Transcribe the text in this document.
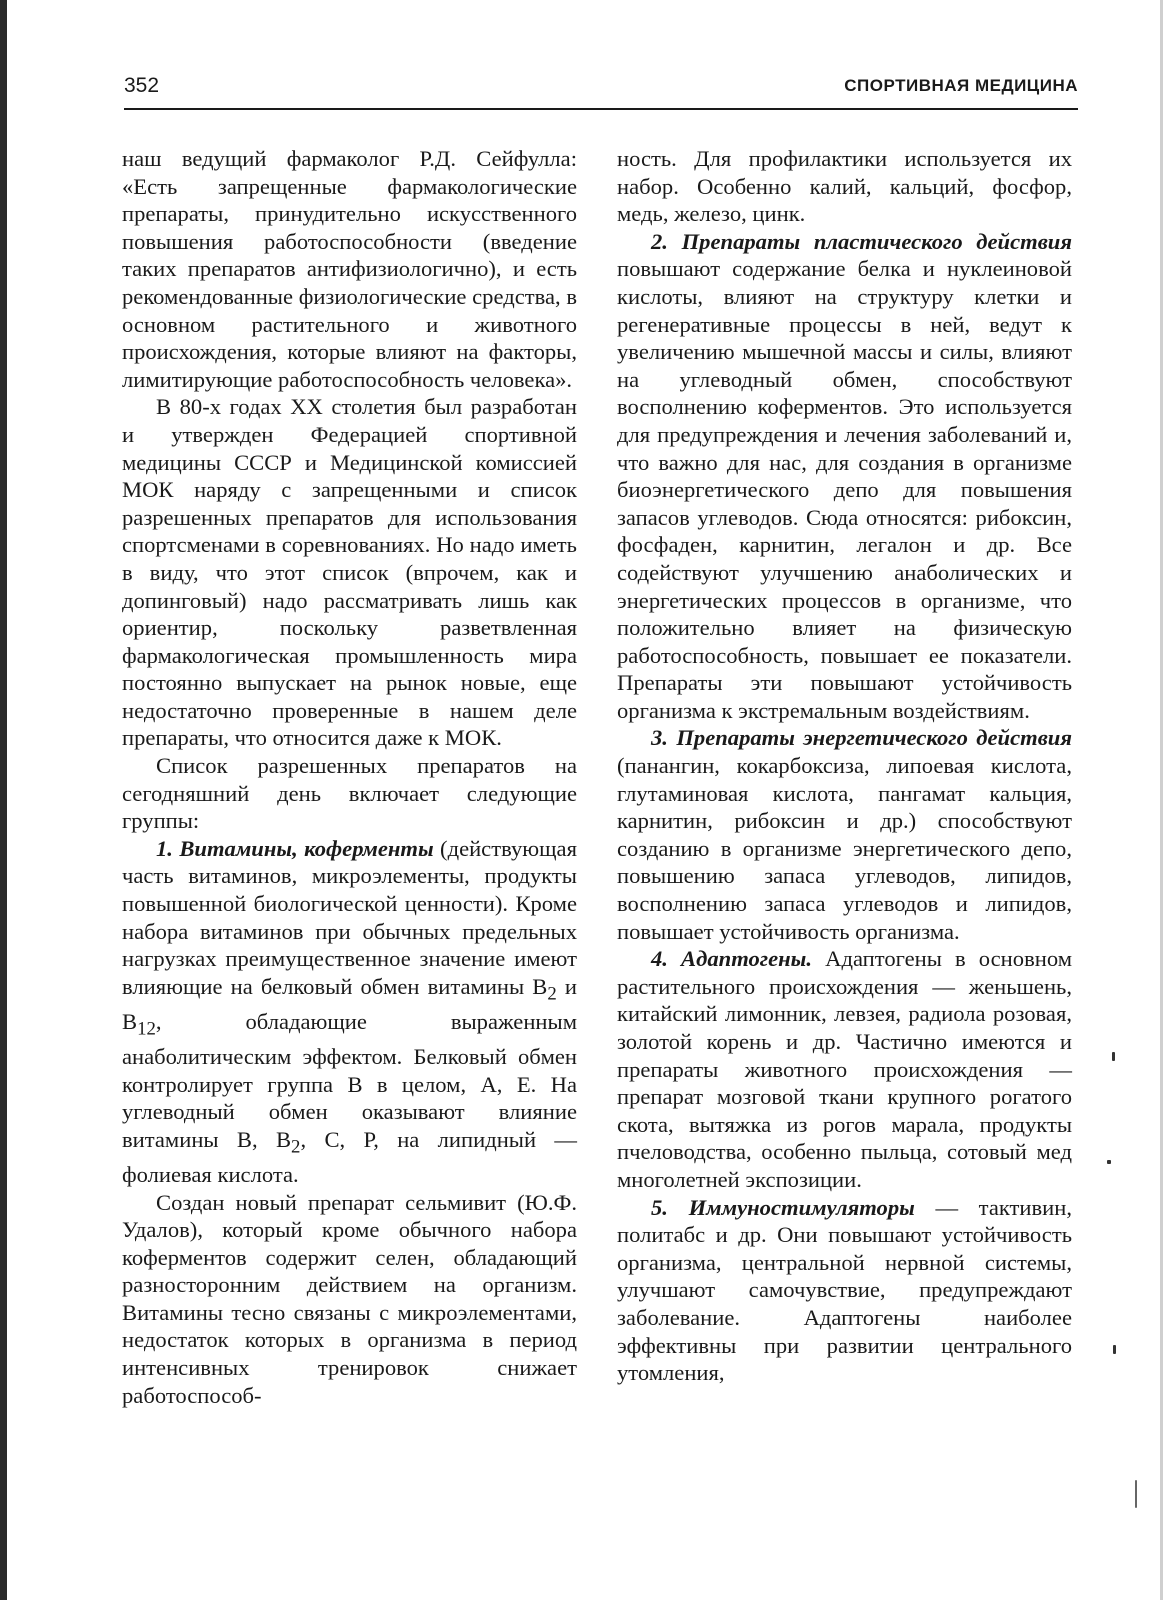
352	СПОРТИВНАЯ МЕДИЦИНА

наш ведущий фармаколог Р.Д. Сейфулла: «Есть запрещенные фармакологические препараты, принудительно искусственного повышения работоспособности (введение таких препаратов антифизиологично), и есть рекомендованные физиологические средства, в основном растительного и животного происхождения, которые влияют на факторы, лимитирующие работоспособность человека».

В 80-х годах XX столетия был разработан и утвержден Федерацией спортивной медицины СССР и Медицинской комиссией МОК наряду с запрещенными и список разрешенных препаратов для использования спортсменами в соревнованиях. Но надо иметь в виду, что этот список (впрочем, как и допинговый) надо рассматривать лишь как ориентир, поскольку разветвленная фармакологическая промышленность мира постоянно выпускает на рынок новые, еще недостаточно проверенные в нашем деле препараты, что относится даже к МОК.

Список разрешенных препаратов на сегодняшний день включает следующие группы:

1. Витамины, коферменты (действующая часть витаминов, микроэлементы, продукты повышенной биологической ценности). Кроме набора витаминов при обычных предельных нагрузках преимущественное значение имеют влияющие на белковый обмен витамины $В_2$ и $В_{12}$, обладающие выраженным анаболитическим эффектом. Белковый обмен контролирует группа В в целом, А, Е. На углеводный обмен оказывают влияние витамины В, $В_2$, С, Р, на липидный — фолиевая кислота.

Создан новый препарат сельмивит (Ю.Ф. Удалов), который кроме обычного набора коферментов содержит селен, обладающий разносторонним действием на организм. Витамины тесно связаны с микроэлементами, недостаток которых в организма в период интенсивных тренировок снижает работоспособ-

ность. Для профилактики используется их набор. Особенно калий, кальций, фосфор, медь, железо, цинк.

2. Препараты пластического действия повышают содержание белка и нуклеиновой кислоты, влияют на структуру клетки и регенеративные процессы в ней, ведут к увеличению мышечной массы и силы, влияют на углеводный обмен, способствуют восполнению коферментов. Это используется для предупреждения и лечения заболеваний и, что важно для нас, для создания в организме биоэнергетического депо для повышения запасов углеводов. Сюда относятся: рибоксин, фосфаден, карнитин, легалон и др. Все содействуют улучшению анаболических и энергетических процессов в организме, что положительно влияет на физическую работоспособность, повышает ее показатели. Препараты эти повышают устойчивость организма к экстремальным воздействиям.

3. Препараты энергетического действия (панангин, кокарбоксиза, липоевая кислота, глутаминовая кислота, пангамат кальция, карнитин, рибоксин и др.) способствуют созданию в организме энергетического депо, повышению запаса углеводов, липидов, восполнению запаса углеводов и липидов, повышает устойчивость организма.

4. Адаптогены. Адаптогены в основном растительного происхождения — женьшень, китайский лимонник, левзея, радиола розовая, золотой корень и др. Частично имеются и препараты животного происхождения — препарат мозговой ткани крупного рогатого скота, вытяжка из рогов марала, продукты пчеловодства, особенно пыльца, сотовый мед многолетней экспозиции.

5. Иммуностимуляторы — тактивин, политабс и др. Они повышают устойчивость организма, центральной нервной системы, улучшают самочувствие, предупреждают заболевание. Адаптогены наиболее эффективны при развитии центрального утомления,
